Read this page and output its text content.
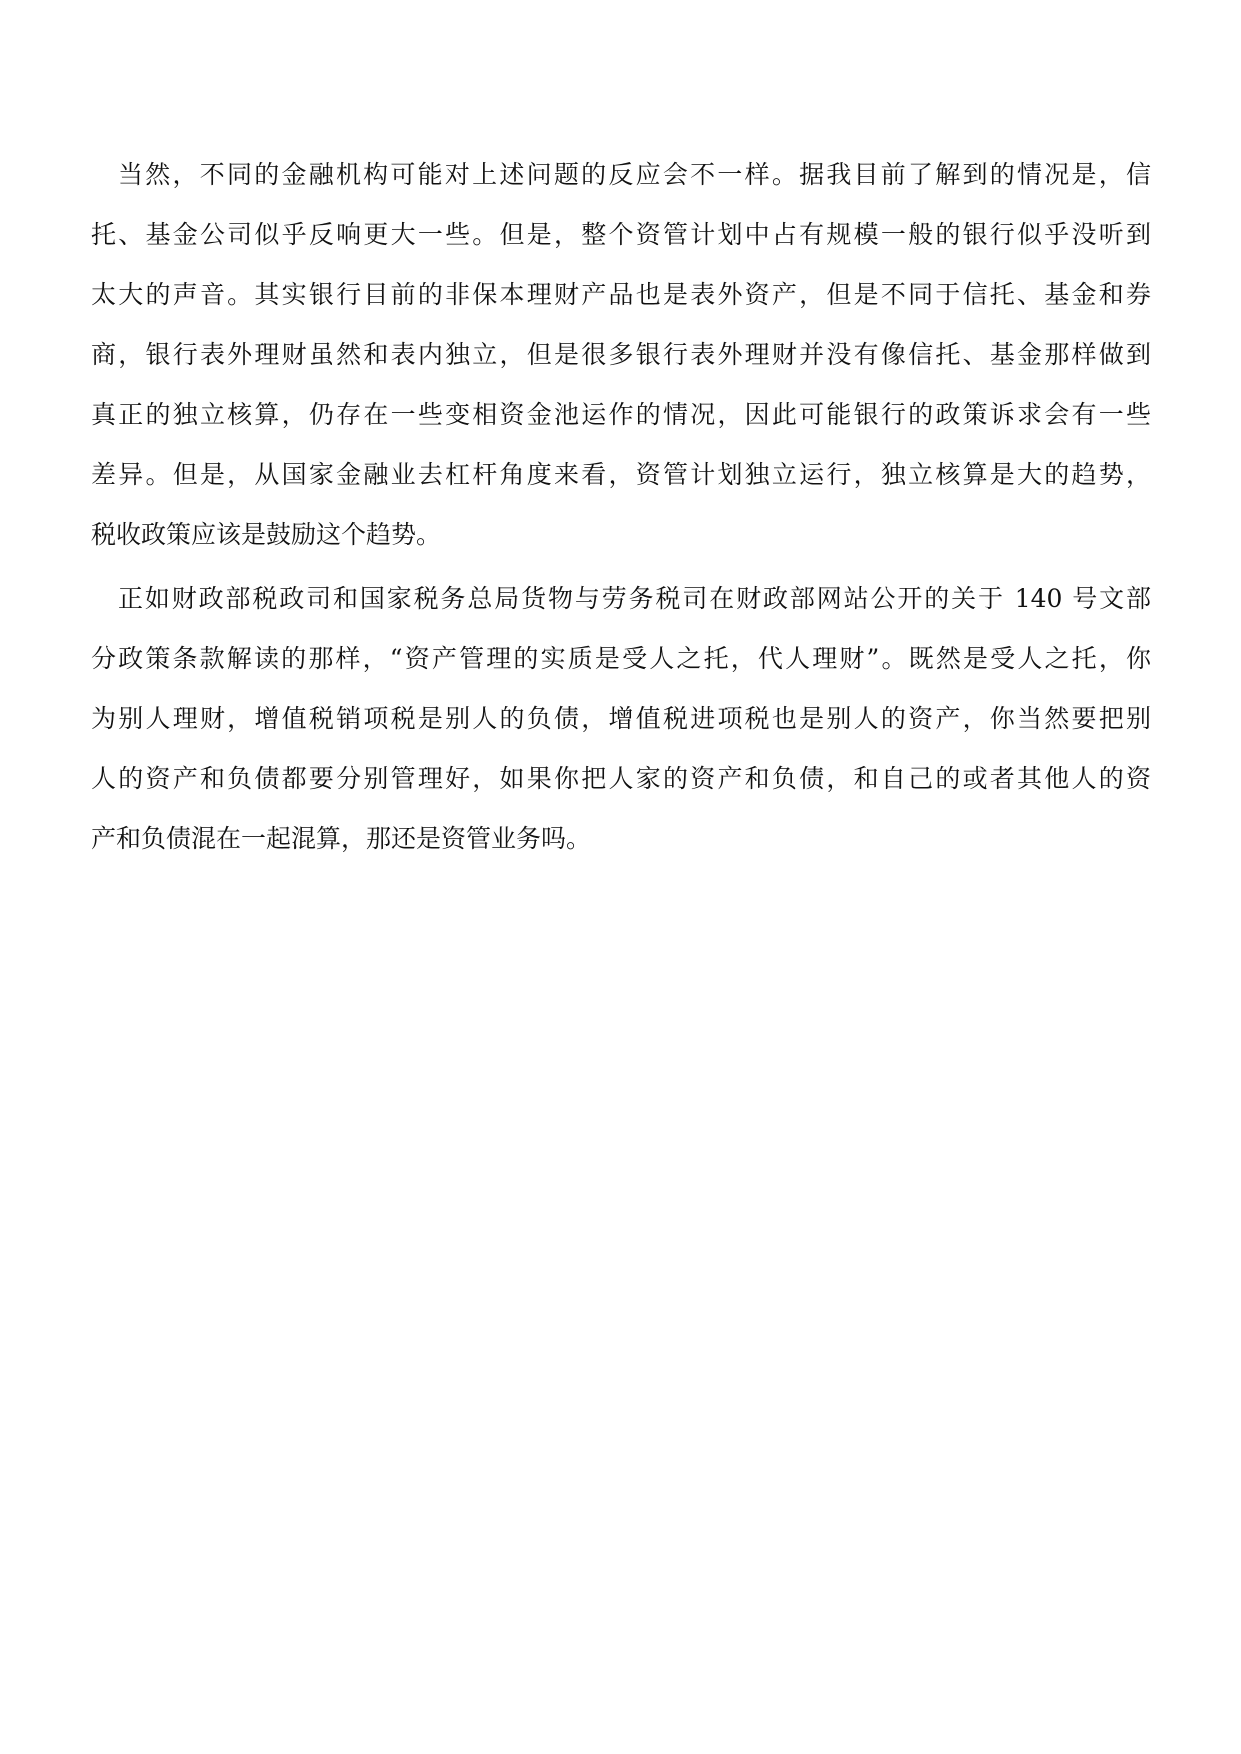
当然，不同的金融机构可能对上述问题的反应会不一样。据我目前了解到的情况是，信
托、基金公司似乎反响更大一些。但是，整个资管计划中占有规模一般的银行似乎没听到
太大的声音。其实银行目前的非保本理财产品也是表外资产，但是不同于信托、基金和券
商，银行表外理财虽然和表内独立，但是很多银行表外理财并没有像信托、基金那样做到
真正的独立核算，仍存在一些变相资金池运作的情况，因此可能银行的政策诉求会有一些
差异。但是，从国家金融业去杠杆角度来看，资管计划独立运行，独立核算是大的趋势，
税收政策应该是鼓励这个趋势。
正如财政部税政司和国家税务总局货物与劳务税司在财政部网站公开的关于 140 号文部
分政策条款解读的那样，“资产管理的实质是受人之托，代人理财”。既然是受人之托，你
为别人理财，增值税销项税是别人的负债，增值税进项税也是别人的资产，你当然要把别
人的资产和负债都要分别管理好，如果你把人家的资产和负债，和自己的或者其他人的资
产和负债混在一起混算，那还是资管业务吗。
